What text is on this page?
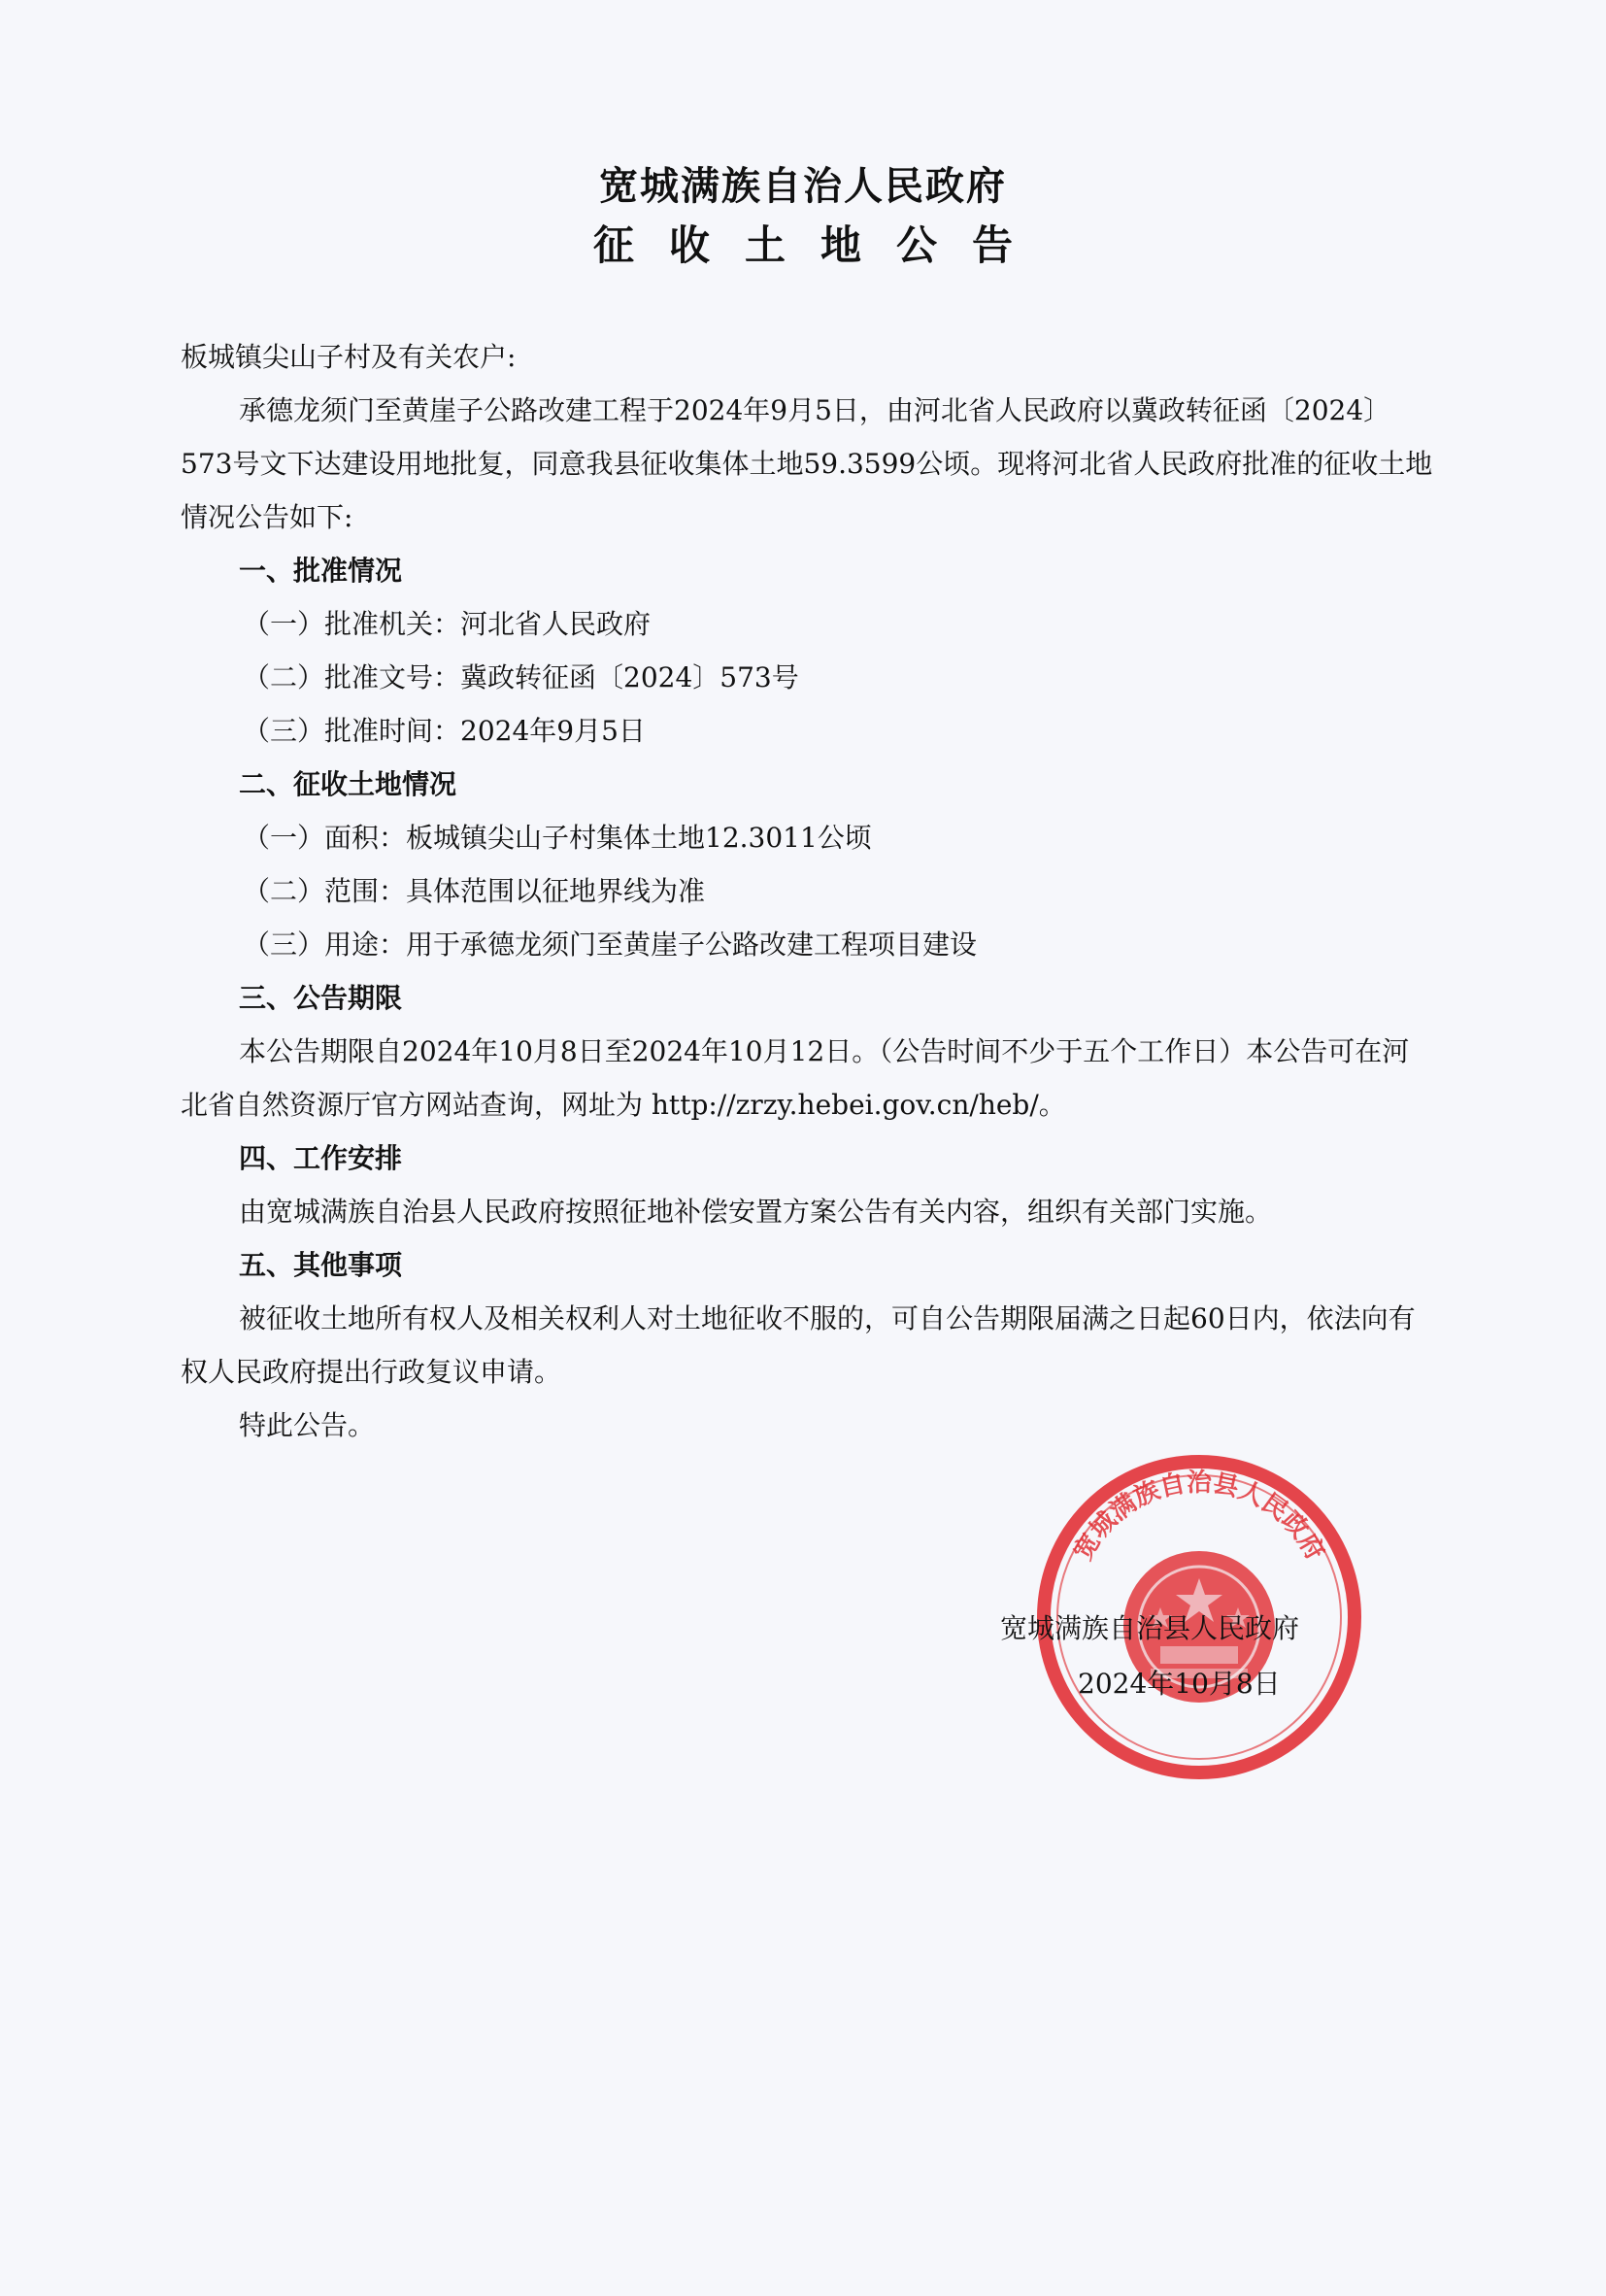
宽城满族自治人民政府
征收土地公告
板城镇尖山子村及有关农户:

承德龙须门至黄崖子公路改建工程于2024年9月5日，由河北省人民政府以冀政转征函〔2024〕573号文下达建设用地批复，同意我县征收集体土地59.3599公顷。现将河北省人民政府批准的征收土地情况公告如下:

一、批准情况
（一）批准机关：河北省人民政府
（二）批准文号：冀政转征函〔2024〕573号
（三）批准时间：2024年9月5日
二、征收土地情况
（一）面积：板城镇尖山子村集体土地12.3011公顷
（二）范围：具体范围以征地界线为准
（三）用途：用于承德龙须门至黄崖子公路改建工程项目建设
三、公告期限

本公告期限自2024年10月8日至2024年10月12日。（公告时间不少于五个工作日）本公告可在河北省自然资源厅官方网站查询，网址为 http://zrzy.hebei.gov.cn/heb/。

四、工作安排

由宽城满族自治县人民政府按照征地补偿安置方案公告有关内容，组织有关部门实施。

五、其他事项

被征收土地所有权人及相关权利人对土地征收不服的，可自公告期限届满之日起60日内，依法向有权人民政府提出行政复议申请。

特此公告。

宽城满族自治县人民政府
宽城满族自治县人民政府
2024年10月8日
